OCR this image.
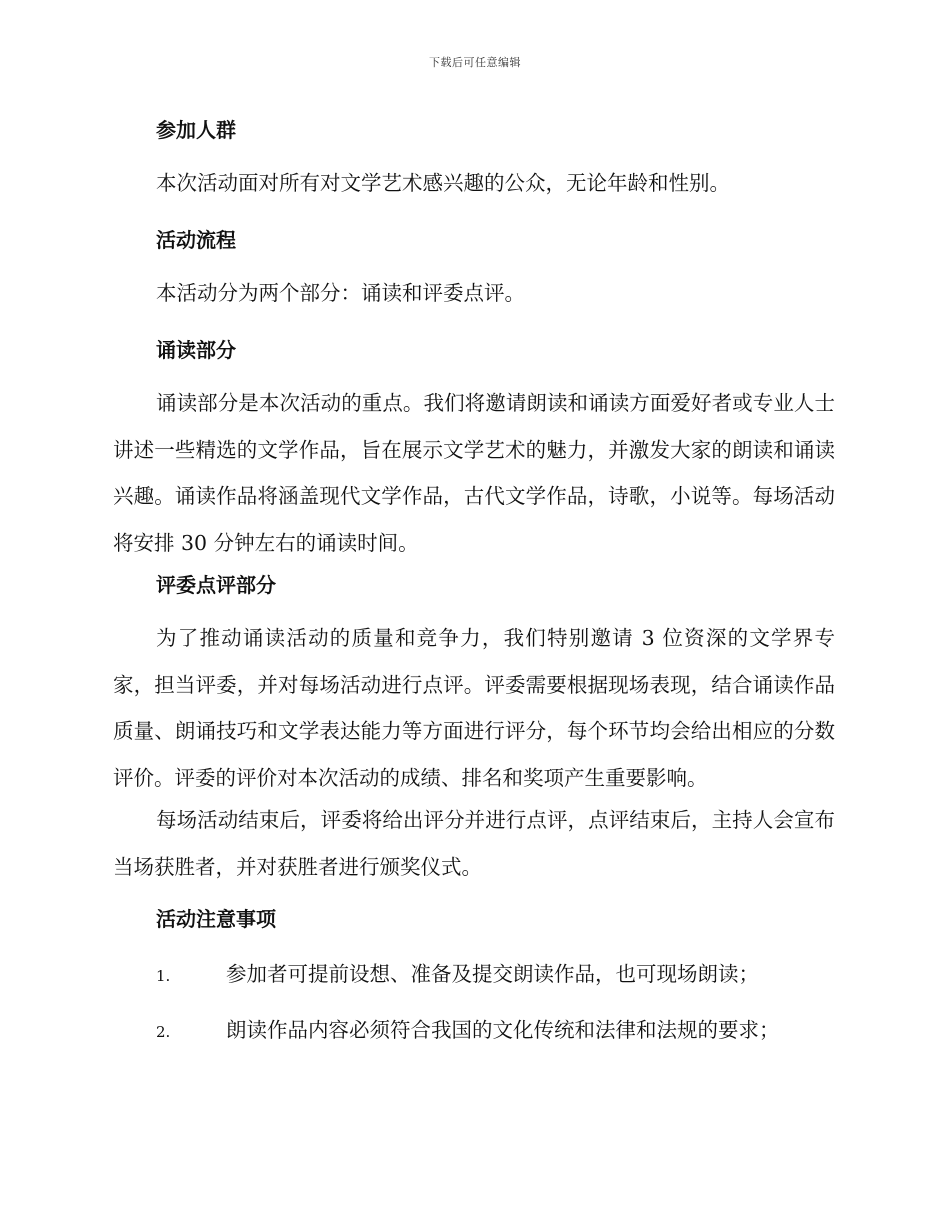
下载后可任意编辑
参加人群
本次活动面对所有对文学艺术感兴趣的公众，无论年龄和性别。
活动流程
本活动分为两个部分：诵读和评委点评。
诵读部分
诵读部分是本次活动的重点。我们将邀请朗读和诵读方面爱好者或专业人士讲述一些精选的文学作品，旨在展示文学艺术的魅力，并激发大家的朗读和诵读兴趣。诵读作品将涵盖现代文学作品，古代文学作品，诗歌，小说等。每场活动将安排 30 分钟左右的诵读时间。
评委点评部分
为了推动诵读活动的质量和竞争力，我们特别邀请 3 位资深的文学界专家，担当评委，并对每场活动进行点评。评委需要根据现场表现，结合诵读作品质量、朗诵技巧和文学表达能力等方面进行评分，每个环节均会给出相应的分数评价。评委的评价对本次活动的成绩、排名和奖项产生重要影响。
每场活动结束后，评委将给出评分并进行点评，点评结束后，主持人会宣布当场获胜者，并对获胜者进行颁奖仪式。
活动注意事项
1.	参加者可提前设想、准备及提交朗读作品，也可现场朗读；
2.	朗读作品内容必须符合我国的文化传统和法律和法规的要求；
